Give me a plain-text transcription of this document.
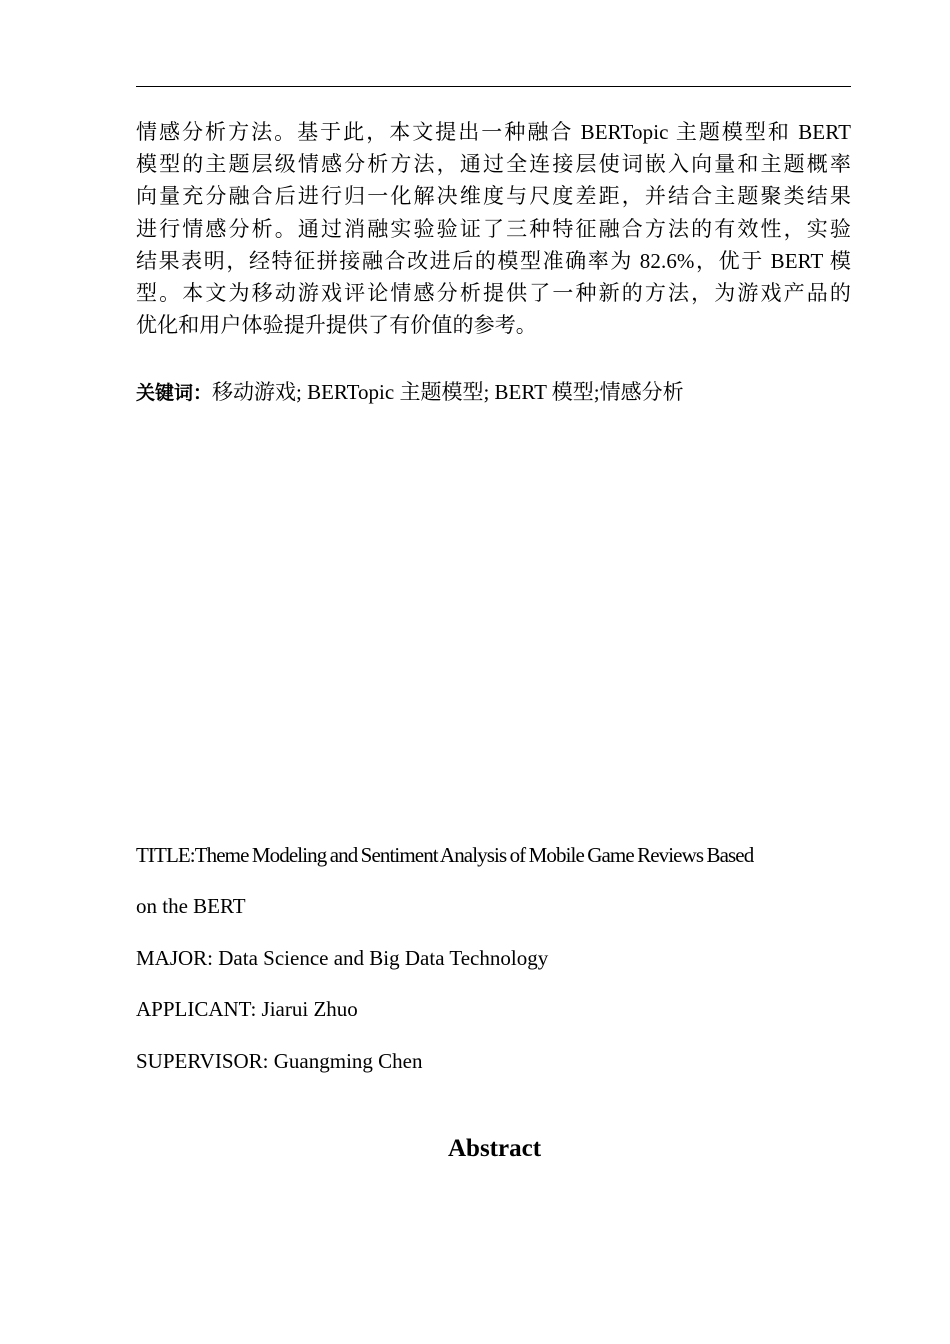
情感分析方法。基于此，本文提出一种融合 BERTopic 主题模型和 BERT
模型的主题层级情感分析方法，通过全连接层使词嵌入向量和主题概率
向量充分融合后进行归一化解决维度与尺度差距，并结合主题聚类结果
进行情感分析。通过消融实验验证了三种特征融合方法的有效性，实验
结果表明，经特征拼接融合改进后的模型准确率为 82.6%，优于 BERT 模
型。本文为移动游戏评论情感分析提供了一种新的方法，为游戏产品的
优化和用户体验提升提供了有价值的参考。
关键词：移动游戏; BERTopic 主题模型; BERT 模型;情感分析
TITLE:Theme Modeling and Sentiment Analysis of Mobile Game Reviews Based
on the BERT
MAJOR: Data Science and Big Data Technology
APPLICANT: Jiarui Zhuo
SUPERVISOR: Guangming Chen
Abstract
